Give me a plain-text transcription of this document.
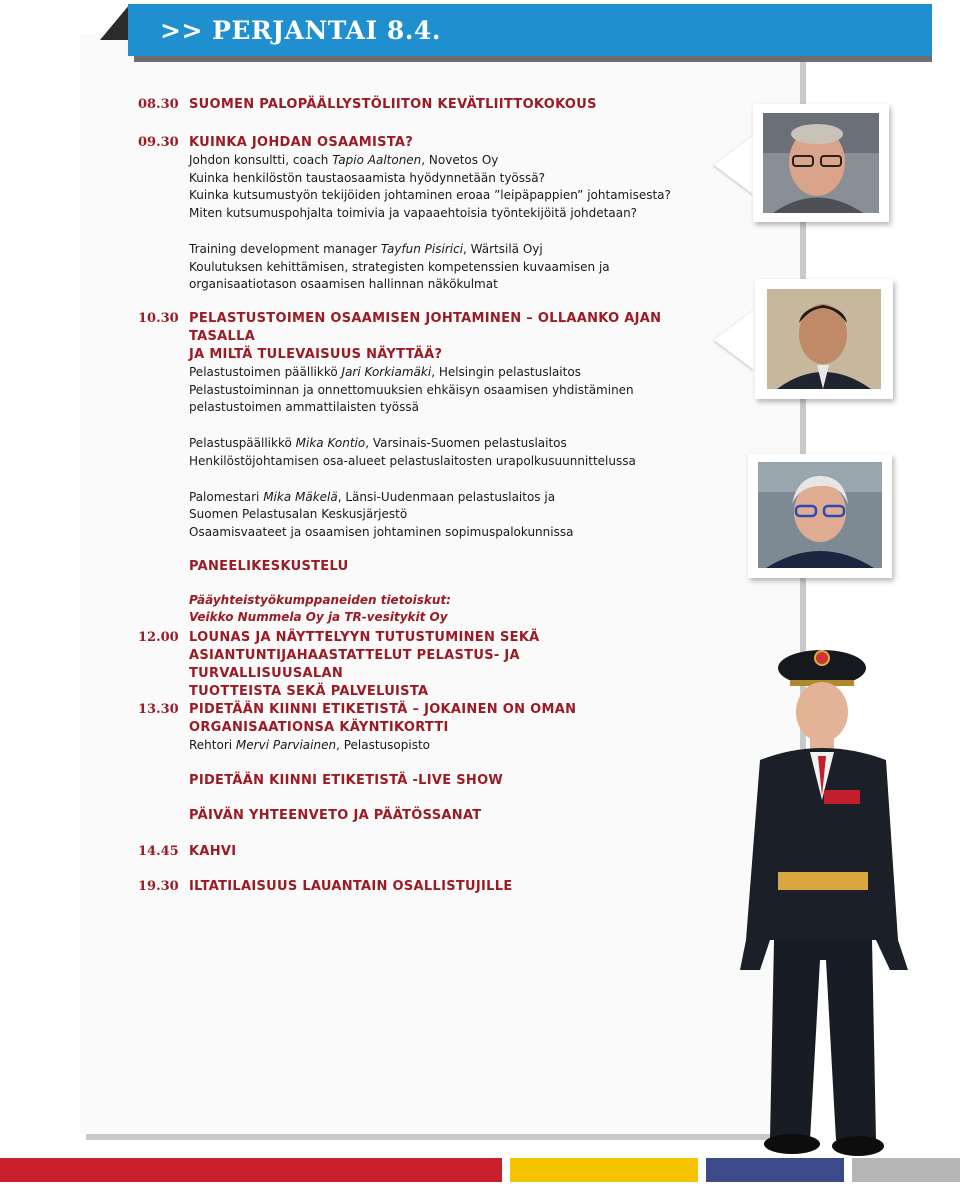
>> PERJANTAI 8.4.
08.30 SUOMEN PALOPÄÄLLYSTÖLIITON KEVÄTLIITTOKOKOUS
09.30 KUINKA JOHDAN OSAAMISTA?
Johdon konsultti, coach Tapio Aaltonen, Novetos Oy
Kuinka henkilöstön taustaosaamista hyödynnetään työssä?
Kuinka kutsumustyön tekijöiden johtaminen eroaa ”leipäpappien” johtamisesta?
Miten kutsumuspohjalta toimivia ja vapaaehtoisia työntekijöitä johdetaan?
Training development manager Tayfun Pisirici, Wärtsilä Oyj
Koulutuksen kehittämisen, strategisten kompetenssien kuvaamisen ja
organisaatiotason osaamisen hallinnan näkökulmat
10.30 PELASTUSTOIMEN OSAAMISEN JOHTAMINEN – OLLAANKO AJAN TASALLA
JA MILTÄ TULEVAISUUS NÄYTTÄÄ?
Pelastustoimen päällikkö Jari Korkiamäki, Helsingin pelastuslaitos
Pelastustoiminnan ja onnettomuuksien ehkäisyn osaamisen yhdistäminen
pelastustoimen ammattilaisten työssä
Pelastuspäällikkö Mika Kontio, Varsinais-Suomen pelastuslaitos
Henkilöstöjohtamisen osa-alueet pelastuslaitosten urapolkusuunnittelussa
Palomestari Mika Mäkelä, Länsi-Uudenmaan pelastuslaitos ja
Suomen Pelastusalan Keskusjärjestö
Osaamisvaateet ja osaamisen johtaminen sopimuspalokunnissa
PANEELIKESKUSTELU
Pääyhteistyökumppaneiden tietoiskut:
Veikko Nummela Oy ja TR-vesitykit Oy
12.00 LOUNAS JA NÄYTTELYYN TUTUSTUMINEN SEKÄ
ASIANTUNTIJAHAASTATTELUT PELASTUS- JA TURVALLISUUSALAN
TUOTTEISTA SEKÄ PALVELUISTA
13.30 PIDETÄÄN KIINNI ETIKETISTÄ – JOKAINEN ON OMAN
ORGANISAATIONSA KÄYNTIKORTTI
Rehtori Mervi Parviainen, Pelastusopisto
PIDETÄÄN KIINNI ETIKETISTÄ -LIVE SHOW
PÄIVÄN YHTEENVETO JA PÄÄTÖSSANAT
14.45 KAHVI
19.30 ILTATILAISUUS LAUANTAIN OSALLISTUJILLE
